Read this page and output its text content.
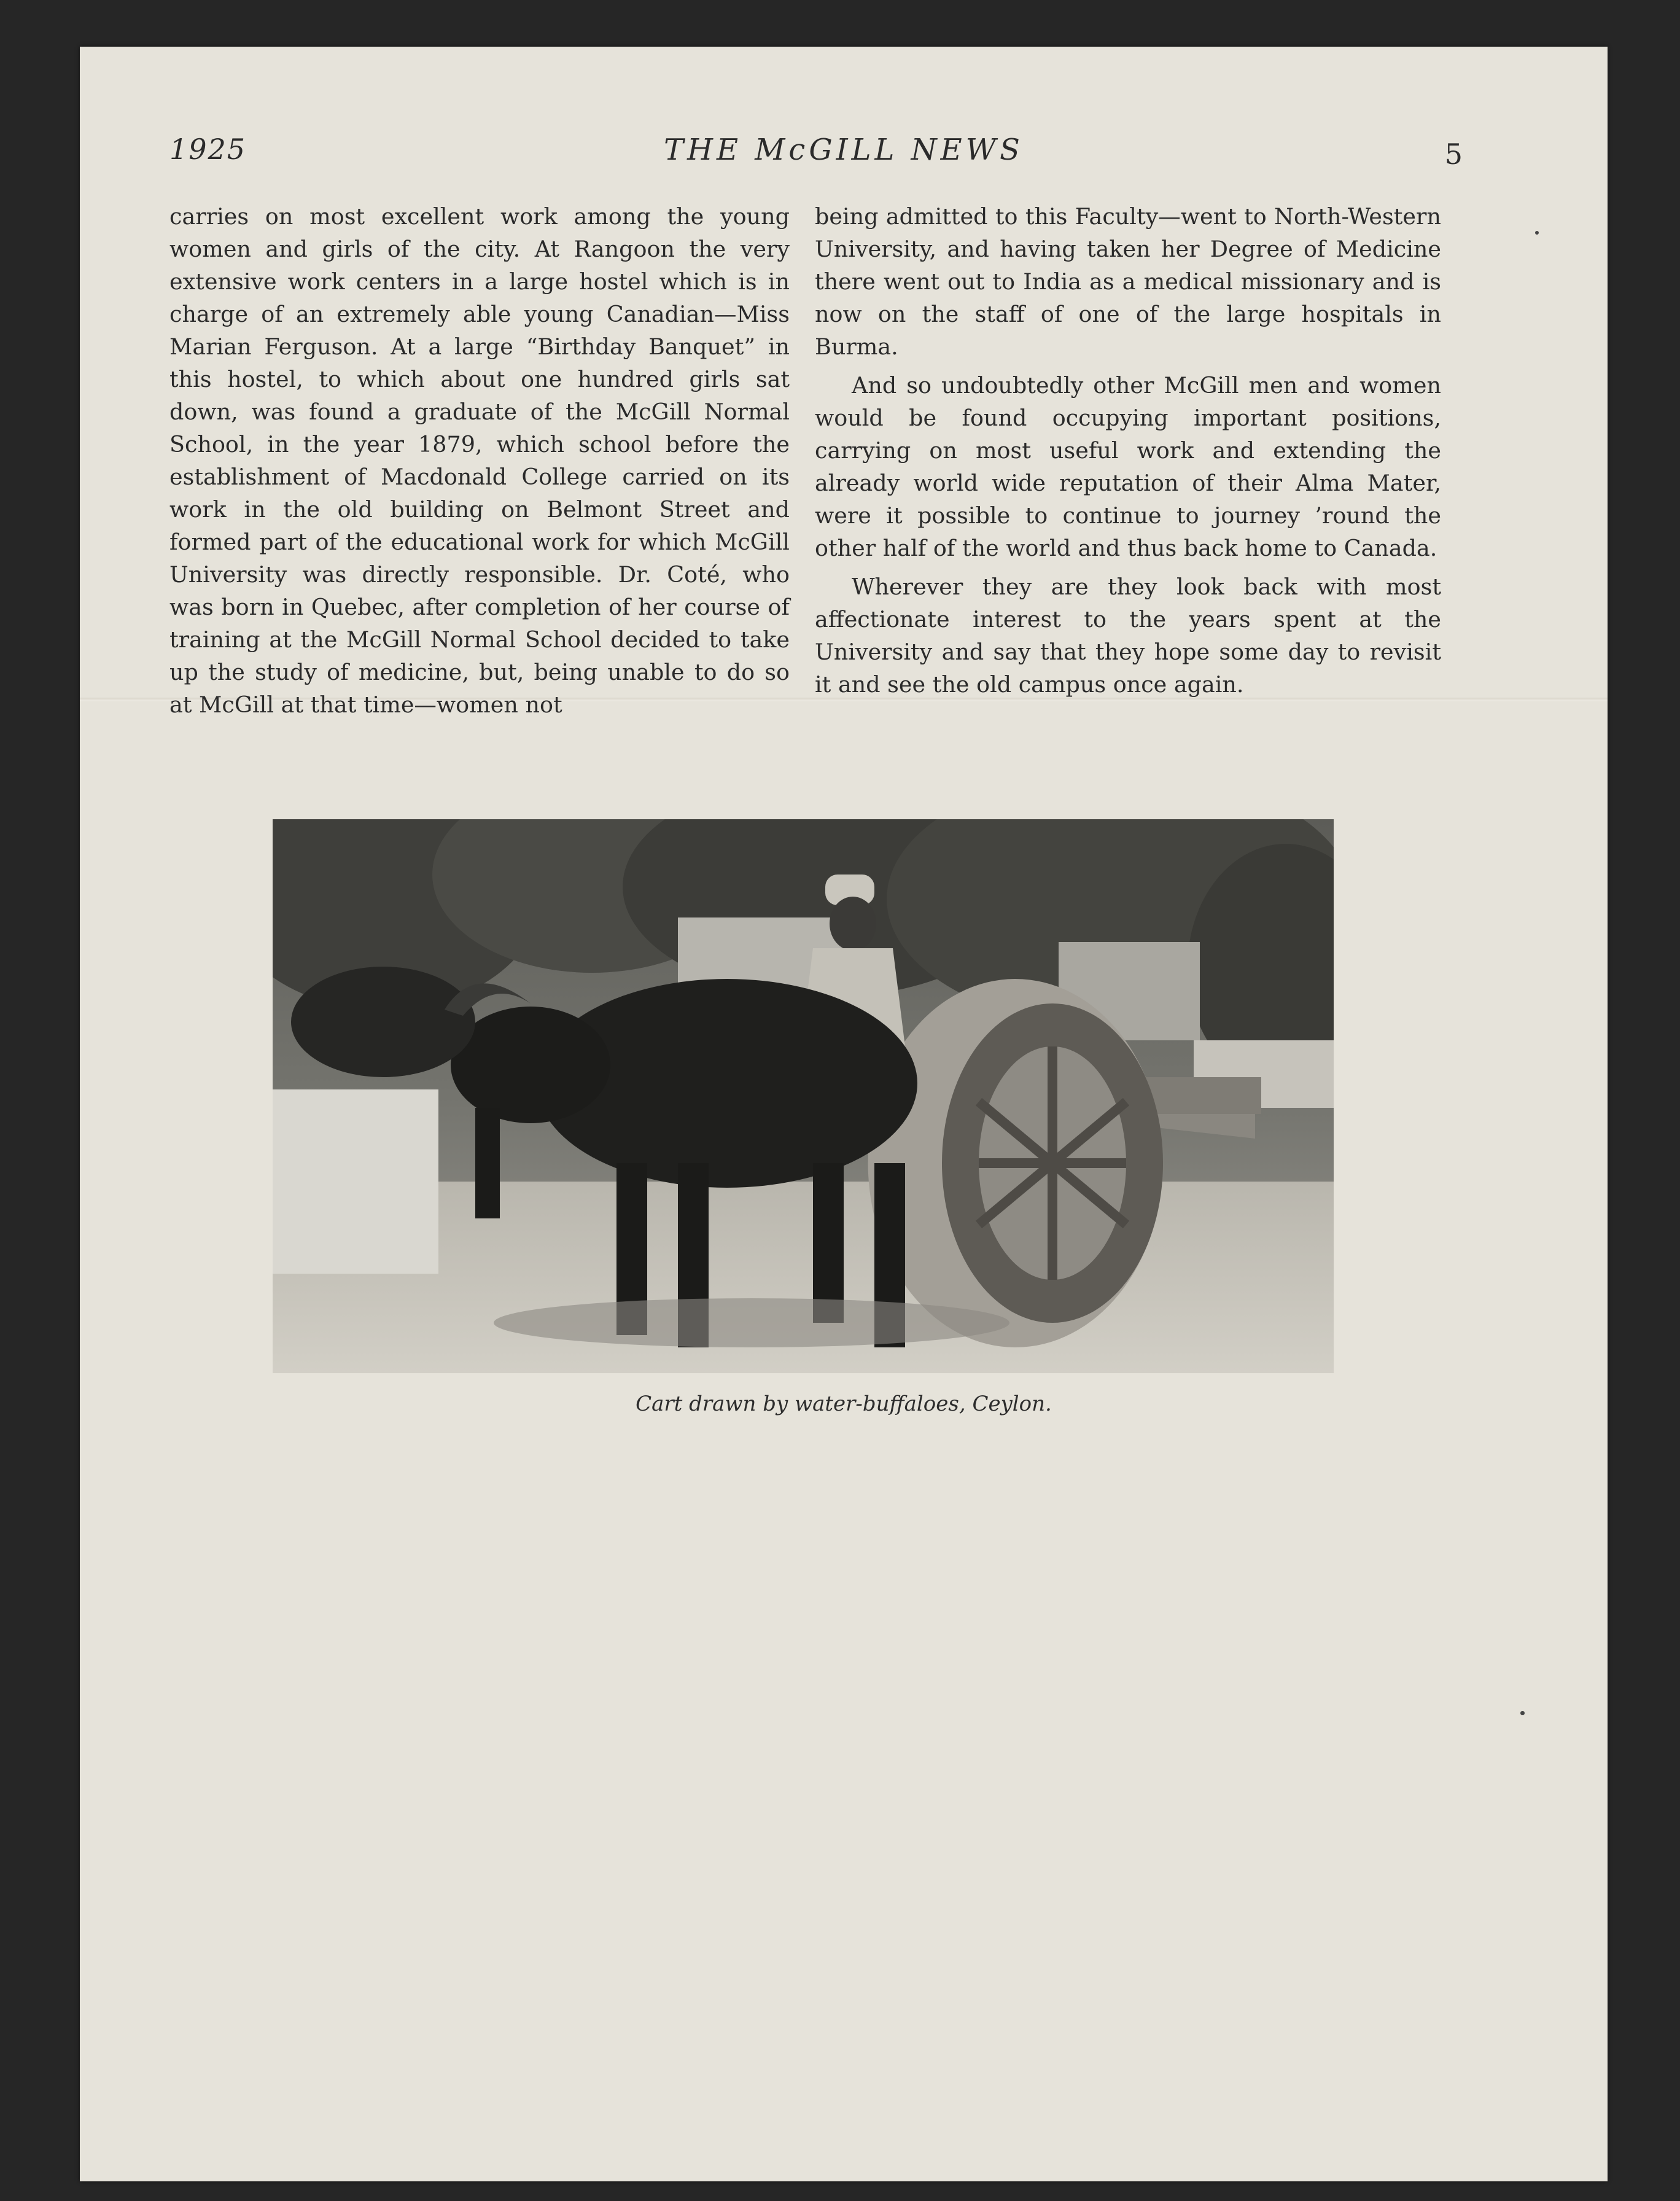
1925	THE McGILL NEWS	5

carries on most excellent work among the young women and girls of the city. At Rangoon the very extensive work centers in a large hostel which is in charge of an extremely able young Canadian—Miss Marian Ferguson. At a large “Birthday Banquet” in this hostel, to which about one hundred girls sat down, was found a graduate of the McGill Normal School, in the year 1879, which school before the establishment of Macdonald College carried on its work in the old building on Belmont Street and formed part of the educational work for which McGill University was directly responsible. Dr. Coté, who was born in Quebec, after completion of her course of training at the McGill Normal School decided to take up the study of medicine, but, being unable to do so at McGill at that time—women not

being admitted to this Faculty—went to North-Western University, and having taken her Degree of Medicine there went out to India as a medical missionary and is now on the staff of one of the large hospitals in Burma.

And so undoubtedly other McGill men and women would be found occupying important positions, carrying on most useful work and extending the already world wide reputation of their Alma Mater, were it possible to continue to journey ’round the other half of the world and thus back home to Canada.

Wherever they are they look back with most affectionate interest to the years spent at the University and say that they hope some day to revisit it and see the old campus once again.

Cart drawn by water-buffaloes, Ceylon.
